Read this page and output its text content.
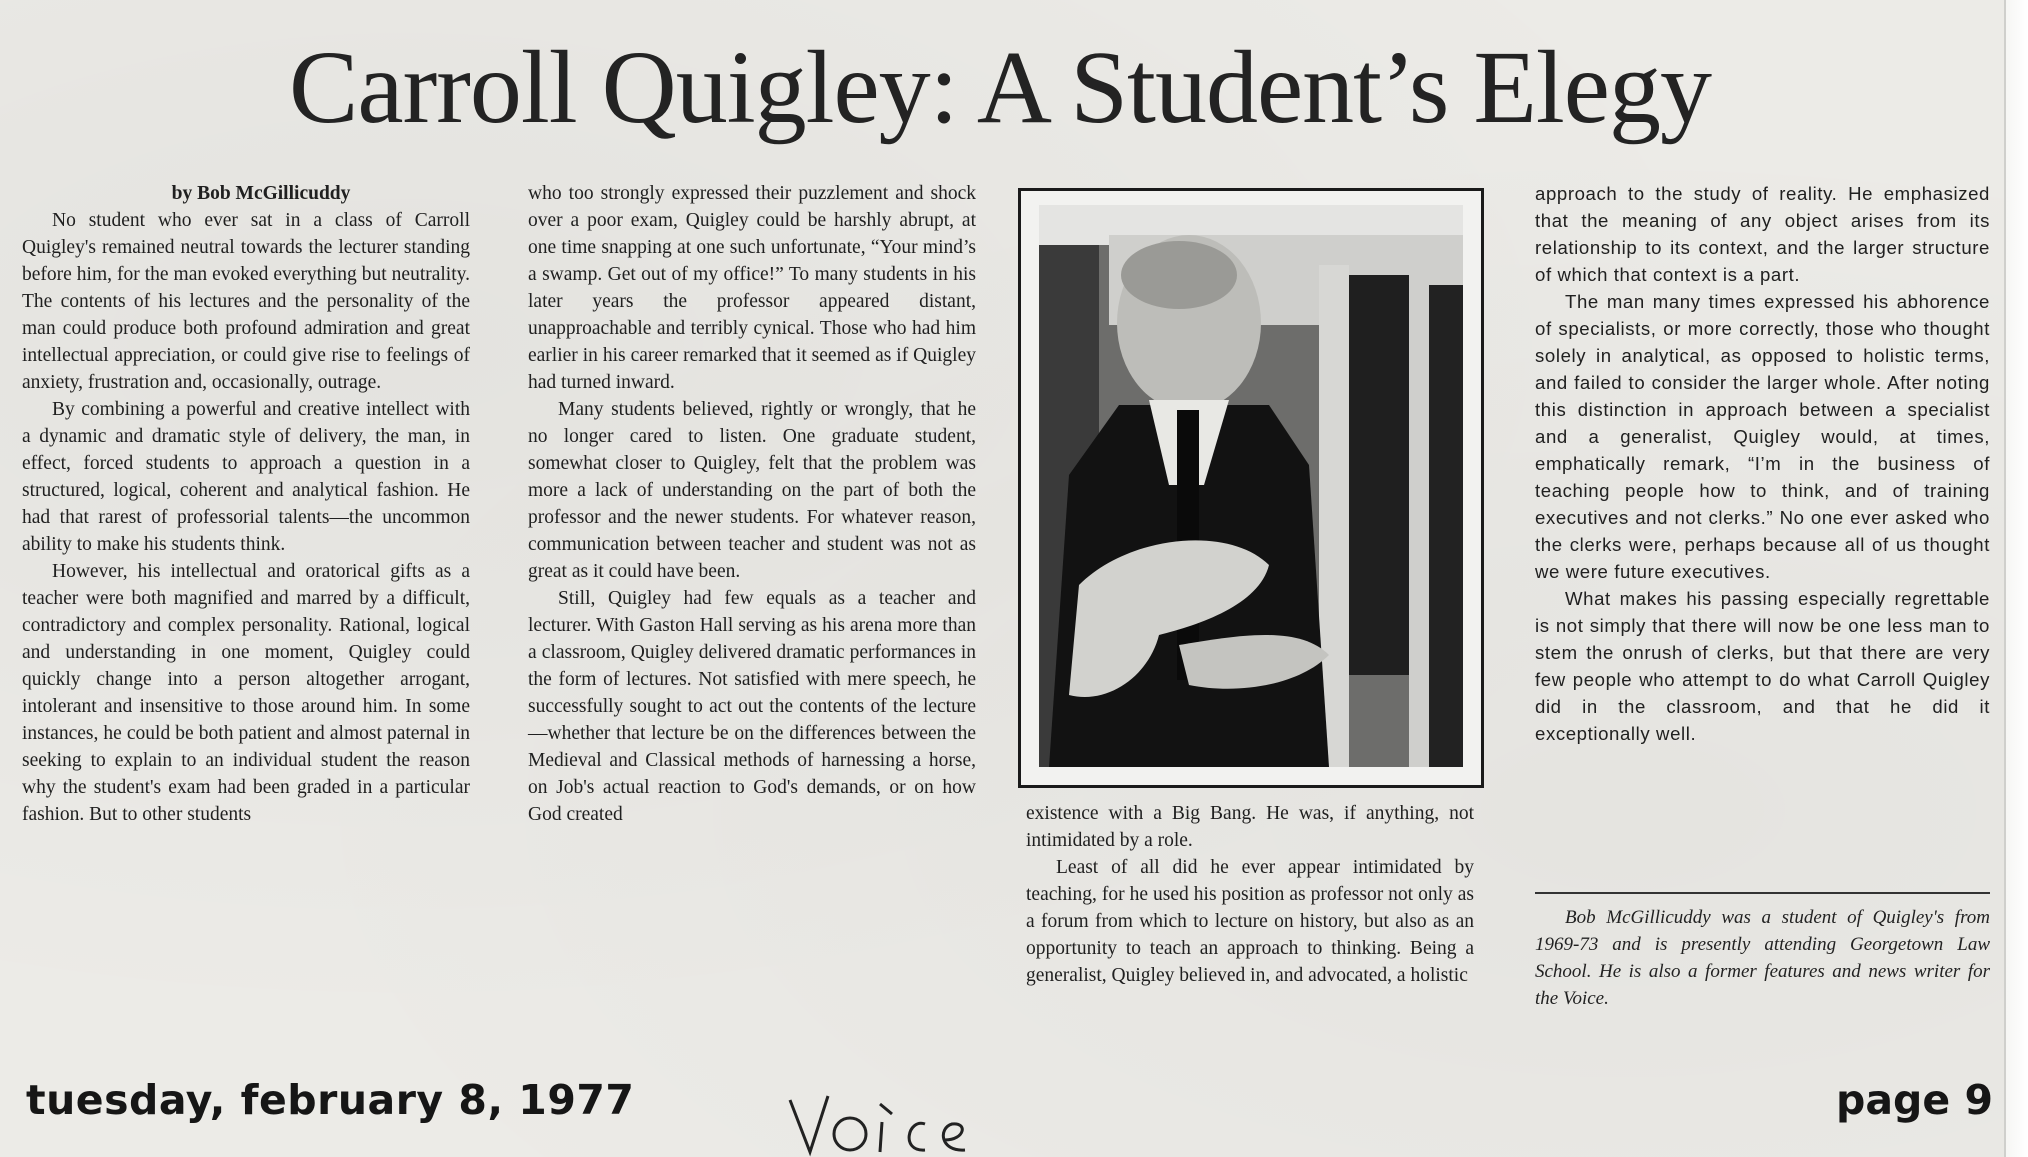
Carroll Quigley: A Student’s Elegy

by Bob McGillicuddy

No student who ever sat in a class of Carroll Quigley's remained neutral towards the lecturer standing before him, for the man evoked everything but neutrality. The contents of his lectures and the personality of the man could produce both profound admiration and great intellectual appreciation, or could give rise to feelings of anxiety, frustration and, occasionally, outrage.

By combining a powerful and creative intellect with a dynamic and dramatic style of delivery, the man, in effect, forced students to approach a question in a structured, logical, coherent and analytical fashion. He had that rarest of professorial talents—the uncommon ability to make his students think.

However, his intellectual and oratorical gifts as a teacher were both magnified and marred by a difficult, contradictory and complex personality. Rational, logical and understanding in one moment, Quigley could quickly change into a person altogether arrogant, intolerant and insensitive to those around him. In some instances, he could be both patient and almost paternal in seeking to explain to an individual student the reason why the student's exam had been graded in a particular fashion. But to other students

who too strongly expressed their puzzlement and shock over a poor exam, Quigley could be harshly abrupt, at one time snapping at one such unfortunate, “Your mind’s a swamp. Get out of my office!” To many students in his later years the professor appeared distant, unapproachable and terribly cynical. Those who had him earlier in his career remarked that it seemed as if Quigley had turned inward.

Many students believed, rightly or wrongly, that he no longer cared to listen. One graduate student, somewhat closer to Quigley, felt that the problem was more a lack of understanding on the part of both the professor and the newer students. For whatever reason, communication between teacher and student was not as great as it could have been.

Still, Quigley had few equals as a teacher and lecturer. With Gaston Hall serving as his arena more than a classroom, Quigley delivered dramatic performances in the form of lectures. Not satisfied with mere speech, he successfully sought to act out the contents of the lecture—whether that lecture be on the differences between the Medieval and Classical methods of harnessing a horse, on Job's actual reaction to God's demands, or on how God created	existence with a Big Bang. He was, if anything, not intimidated by a role.

Least of all did he ever appear intimidated by teaching, for he used his position as professor not only as a forum from which to lecture on history, but also as an opportunity to teach an approach to thinking. Being a generalist, Quigley believed in, and advocated, a holistic

approach to the study of reality. He emphasized that the meaning of any object arises from its relationship to its context, and the larger structure of which that context is a part.

The man many times expressed his abhorence of specialists, or more correctly, those who thought solely in analytical, as opposed to holistic terms, and failed to consider the larger whole. After noting this distinction in approach between a specialist and a generalist, Quigley would, at times, emphatically remark, “I’m in the business of teaching people how to think, and of training executives and not clerks.” No one ever asked who the clerks were, perhaps because all of us thought we were future executives.

What makes his passing especially regrettable is not simply that there will now be one less man to stem the onrush of clerks, but that there are very few people who attempt to do what Carroll Quigley did in the classroom, and that he did it exceptionally well.

Bob McGillicuddy was a student of Quigley's from 1969-73 and is presently attending Georgetown Law School. He is also a former features and news writer for the Voice.

tuesday, february 8, 1977	page 9
